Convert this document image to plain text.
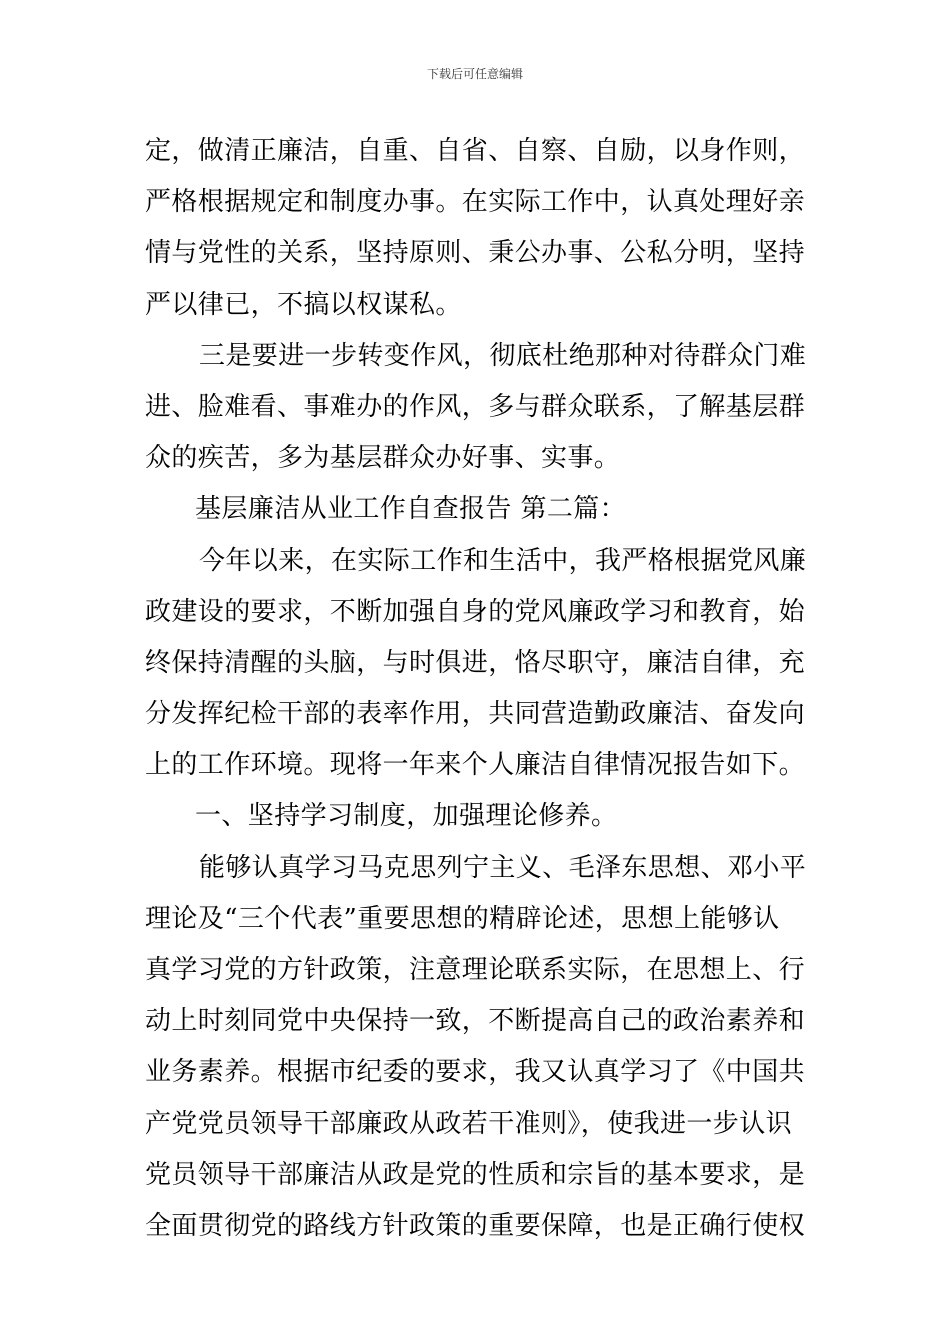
下载后可任意编辑
定，做清正廉洁，自重、自省、自察、自励，以身作则，
严格根据规定和制度办事。在实际工作中，认真处理好亲
情与党性的关系，坚持原则、秉公办事、公私分明，坚持
严以律已，不搞以权谋私。
三是要进一步转变作风，彻底杜绝那种对待群众门难
进、脸难看、事难办的作风，多与群众联系，了解基层群
众的疾苦，多为基层群众办好事、实事。
基层廉洁从业工作自查报告 第二篇：
今年以来，在实际工作和生活中，我严格根据党风廉
政建设的要求，不断加强自身的党风廉政学习和教育，始
终保持清醒的头脑，与时俱进，恪尽职守，廉洁自律，充
分发挥纪检干部的表率作用，共同营造勤政廉洁、奋发向
上的工作环境。现将一年来个人廉洁自律情况报告如下。
一、坚持学习制度，加强理论修养。
能够认真学习马克思列宁主义、毛泽东思想、邓小平
理论及“三个代表”重要思想的精辟论述，思想上能够认
真学习党的方针政策，注意理论联系实际，在思想上、行
动上时刻同党中央保持一致，不断提高自己的政治素养和
业务素养。根据市纪委的要求，我又认真学习了《中国共
产党党员领导干部廉政从政若干准则》，使我进一步认识
党员领导干部廉洁从政是党的性质和宗旨的基本要求，是
全面贯彻党的路线方针政策的重要保障，也是正确行使权
